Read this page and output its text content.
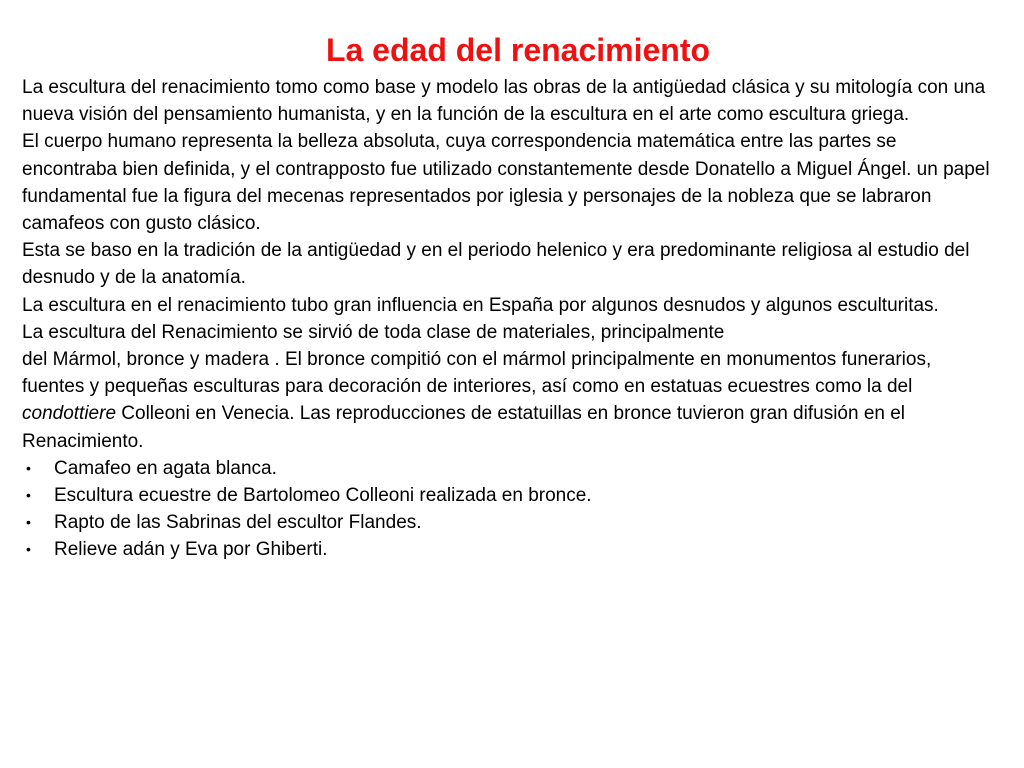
La edad del renacimiento

La escultura del renacimiento tomo como base y modelo las obras de la antigüedad clásica y su mitología con una nueva visión del pensamiento humanista, y en la función de la escultura en el arte como escultura griega.

El cuerpo humano representa la belleza absoluta, cuya correspondencia matemática entre las partes se encontraba bien definida, y el contrapposto fue utilizado constantemente desde Donatello a Miguel Ángel. un papel fundamental fue la figura del mecenas representados por iglesia y personajes de la nobleza que se labraron camafeos con gusto clásico.

Esta se baso en la tradición de la antigüedad y en el periodo helenico y era predominante religiosa al estudio del desnudo y de la anatomía.

La escultura en el renacimiento tubo gran influencia en España por algunos desnudos y algunos esculturitas.

La escultura del Renacimiento se sirvió de toda clase de materiales, principalmente
del Mármol, bronce y madera . El bronce compitió con el mármol principalmente en monumentos funerarios, fuentes y pequeñas esculturas para decoración de interiores, así como en estatuas ecuestres como la del condottiere Colleoni en Venecia. Las reproducciones de estatuillas en bronce tuvieron gran difusión en el Renacimiento.

• Camafeo en agata blanca.
• Escultura ecuestre de Bartolomeo Colleoni realizada en bronce.
• Rapto de las Sabrinas del escultor Flandes.
• Relieve adán y Eva por Ghiberti.
